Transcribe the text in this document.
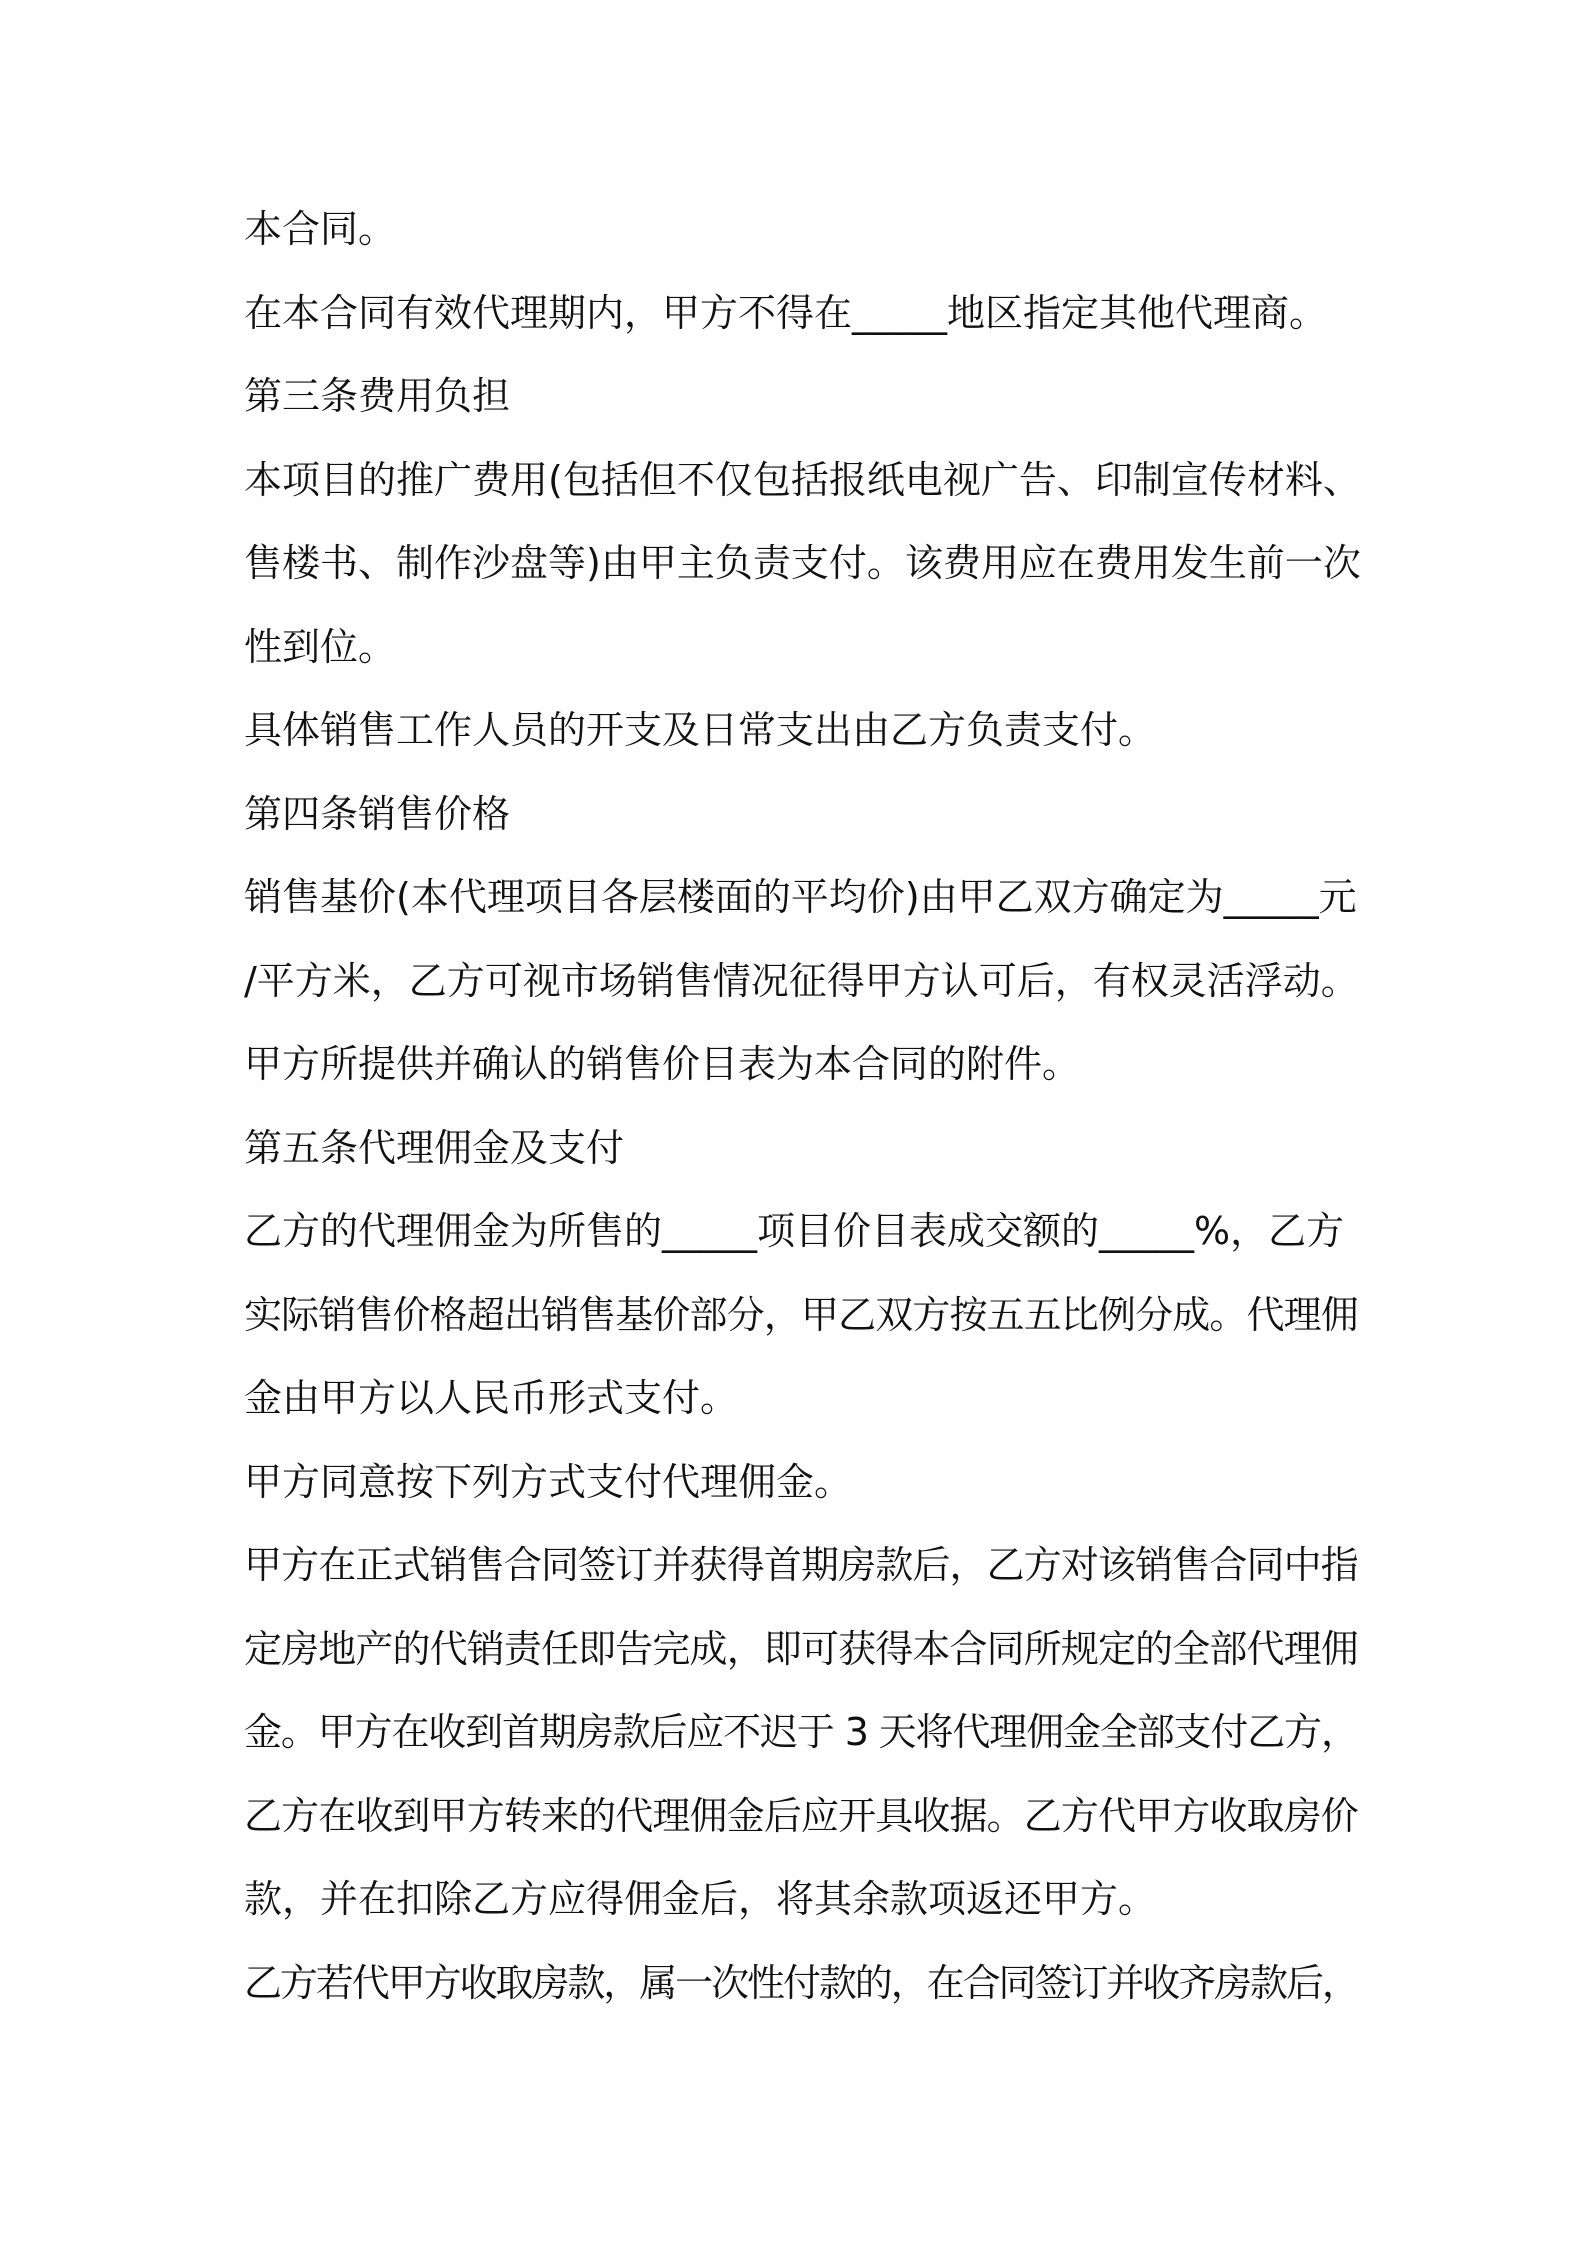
本合同。
在本合同有效代理期内，甲方不得在_____地区指定其他代理商。
第三条费用负担
本项目的推广费用(包括但不仅包括报纸电视广告、印制宣传材料、
售楼书、制作沙盘等)由甲主负责支付。该费用应在费用发生前一次
性到位。
具体销售工作人员的开支及日常支出由乙方负责支付。
第四条销售价格
销售基价(本代理项目各层楼面的平均价)由甲乙双方确定为_____元
/平方米，乙方可视市场销售情况征得甲方认可后，有权灵活浮动。
甲方所提供并确认的销售价目表为本合同的附件。
第五条代理佣金及支付
乙方的代理佣金为所售的_____项目价目表成交额的_____%，乙方
实际销售价格超出销售基价部分，甲乙双方按五五比例分成。代理佣
金由甲方以人民币形式支付。
甲方同意按下列方式支付代理佣金。
甲方在正式销售合同签订并获得首期房款后，乙方对该销售合同中指
定房地产的代销责任即告完成，即可获得本合同所规定的全部代理佣
金。甲方在收到首期房款后应不迟于 3 天将代理佣金全部支付乙方，
乙方在收到甲方转来的代理佣金后应开具收据。乙方代甲方收取房价
款，并在扣除乙方应得佣金后，将其余款项返还甲方。
乙方若代甲方收取房款，属一次性付款的，在合同签订并收齐房款后，
